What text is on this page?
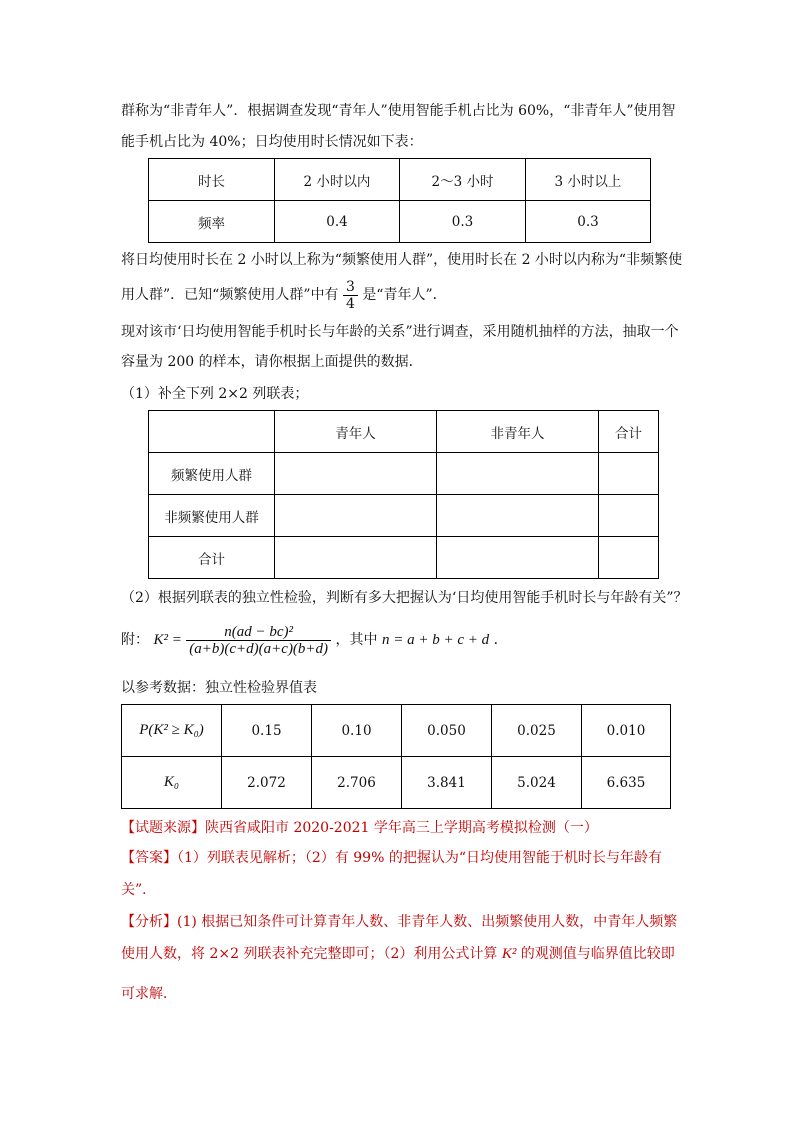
群称为“非青年人”．根据调查发现“青年人”使用智能手机占比为 60%，“非青年人”使用智
能手机占比为 40%；日均使用时长情况如下表：
时长	2 小时以内	2～3 小时	3 小时以上
频率	0.4	0.3	0.3
将日均使用时长在 2 小时以上称为“频繁使用人群”，使用时长在 2 小时以内称为“非频繁使
用人群”．已知“频繁使用人群”中有 $\frac{3}{4}$ 是“青年人”．
现对该市‘日均使用智能手机时长与年龄的关系”进行调查，采用随机抽样的方法，抽取一个
容量为 200 的样本，请你根据上面提供的数据．
（1）补全下列 2×2 列联表；
	青年人	非青年人	合计
频繁使用人群			
非频繁使用人群			
合计			
（2）根据列联表的独立性检验，判断有多大把握认为‘日均使用智能手机时长与年龄有关”？
附： $K^2 = \frac{\text{n(ad − bc)²}}{(a+b)(c+d)(a+c)(b+d)}$ ，其中 n = a + b + c + d ．
以参考数据：独立性检验界值表
P(K² ≥ K₀)	0.15	0.10	0.050	0.025	0.010
K₀	2.072	2.706	3.841	5.024	6.635
【试题来源】陕西省咸阳市 2020-2021 学年高三上学期高考模拟检测（一）
【答案】（1）列联表见解析；（2）有 99% 的把握认为“日均使用智能于机时长与年龄有
关”．
【分析】(1) 根据已知条件可计算青年人数、非青年人数、出频繁使用人数，中青年人频繁
使用人数，将 2×2 列联表补充完整即可；（2）利用公式计算 K² 的观测值与临界值比较即
可求解．
